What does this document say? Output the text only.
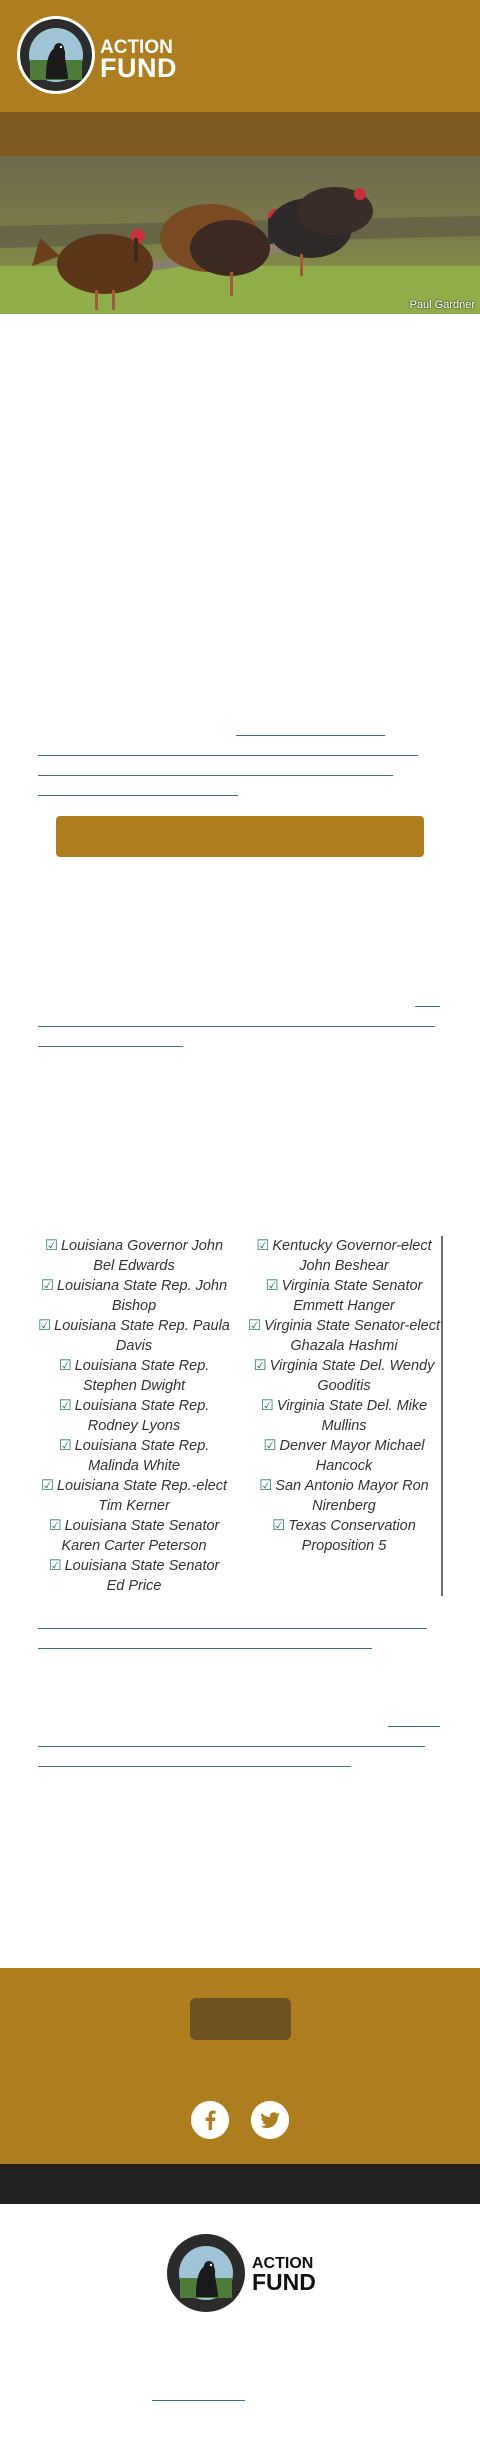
ACTION
FUND
Paul Gardner
☑ Louisiana Governor John Bel Edwards
☑ Louisiana State Rep. John Bishop
☑ Louisiana State Rep. Paula Davis
☑ Louisiana State Rep. Stephen Dwight
☑ Louisiana State Rep. Rodney Lyons
☑ Louisiana State Rep. Malinda White
☑ Louisiana State Rep.-elect Tim Kerner
☑ Louisiana State Senator Karen Carter Peterson
☑ Louisiana State Senator Ed Price
☑ Kentucky Governor-elect John Beshear
☑ Virginia State Senator Emmett Hanger
☑ Virginia State Senator-elect Ghazala Hashmi
☑ Virginia State Del. Wendy Gooditis
☑ Virginia State Del. Mike Mullins
☑ Denver Mayor Michael Hancock
☑ San Antonio Mayor Ron Nirenberg
☑ Texas Conservation Proposition 5
ACTION
FUND
